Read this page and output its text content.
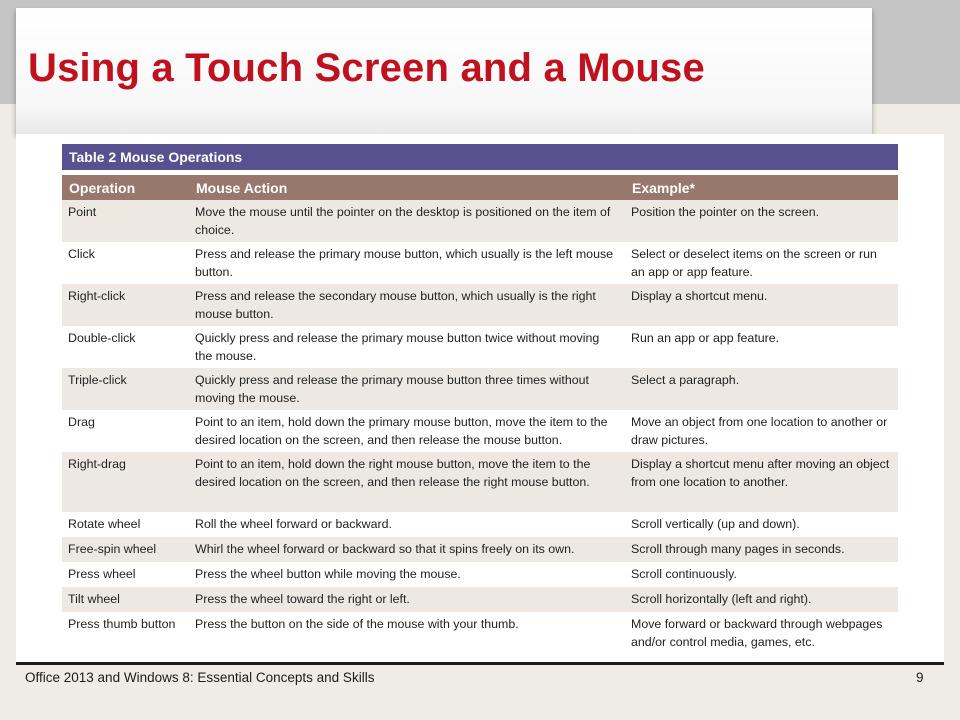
Using a Touch Screen and a Mouse
Table 2 Mouse Operations
Operation	Mouse Action	Example*
Point	Move the mouse until the pointer on the desktop is positioned on the item of choice.	Position the pointer on the screen.
Click	Press and release the primary mouse button, which usually is the left mouse button.	Select or deselect items on the screen or run an app or app feature.
Right-click	Press and release the secondary mouse button, which usually is the right mouse button.	Display a shortcut menu.
Double-click	Quickly press and release the primary mouse button twice without moving the mouse.	Run an app or app feature.
Triple-click	Quickly press and release the primary mouse button three times without moving the mouse.	Select a paragraph.
Drag	Point to an item, hold down the primary mouse button, move the item to the desired location on the screen, and then release the mouse button.	Move an object from one location to another or draw pictures.
Right-drag	Point to an item, hold down the right mouse button, move the item to the desired location on the screen, and then release the right mouse button.	Display a shortcut menu after moving an object from one location to another.
Rotate wheel	Roll the wheel forward or backward.	Scroll vertically (up and down).
Free-spin wheel	Whirl the wheel forward or backward so that it spins freely on its own.	Scroll through many pages in seconds.
Press wheel	Press the wheel button while moving the mouse.	Scroll continuously.
Tilt wheel	Press the wheel toward the right or left.	Scroll horizontally (left and right).
Press thumb button	Press the button on the side of the mouse with your thumb.	Move forward or backward through webpages and/or control media, games, etc.
Office 2013 and Windows 8: Essential Concepts and Skills	9
